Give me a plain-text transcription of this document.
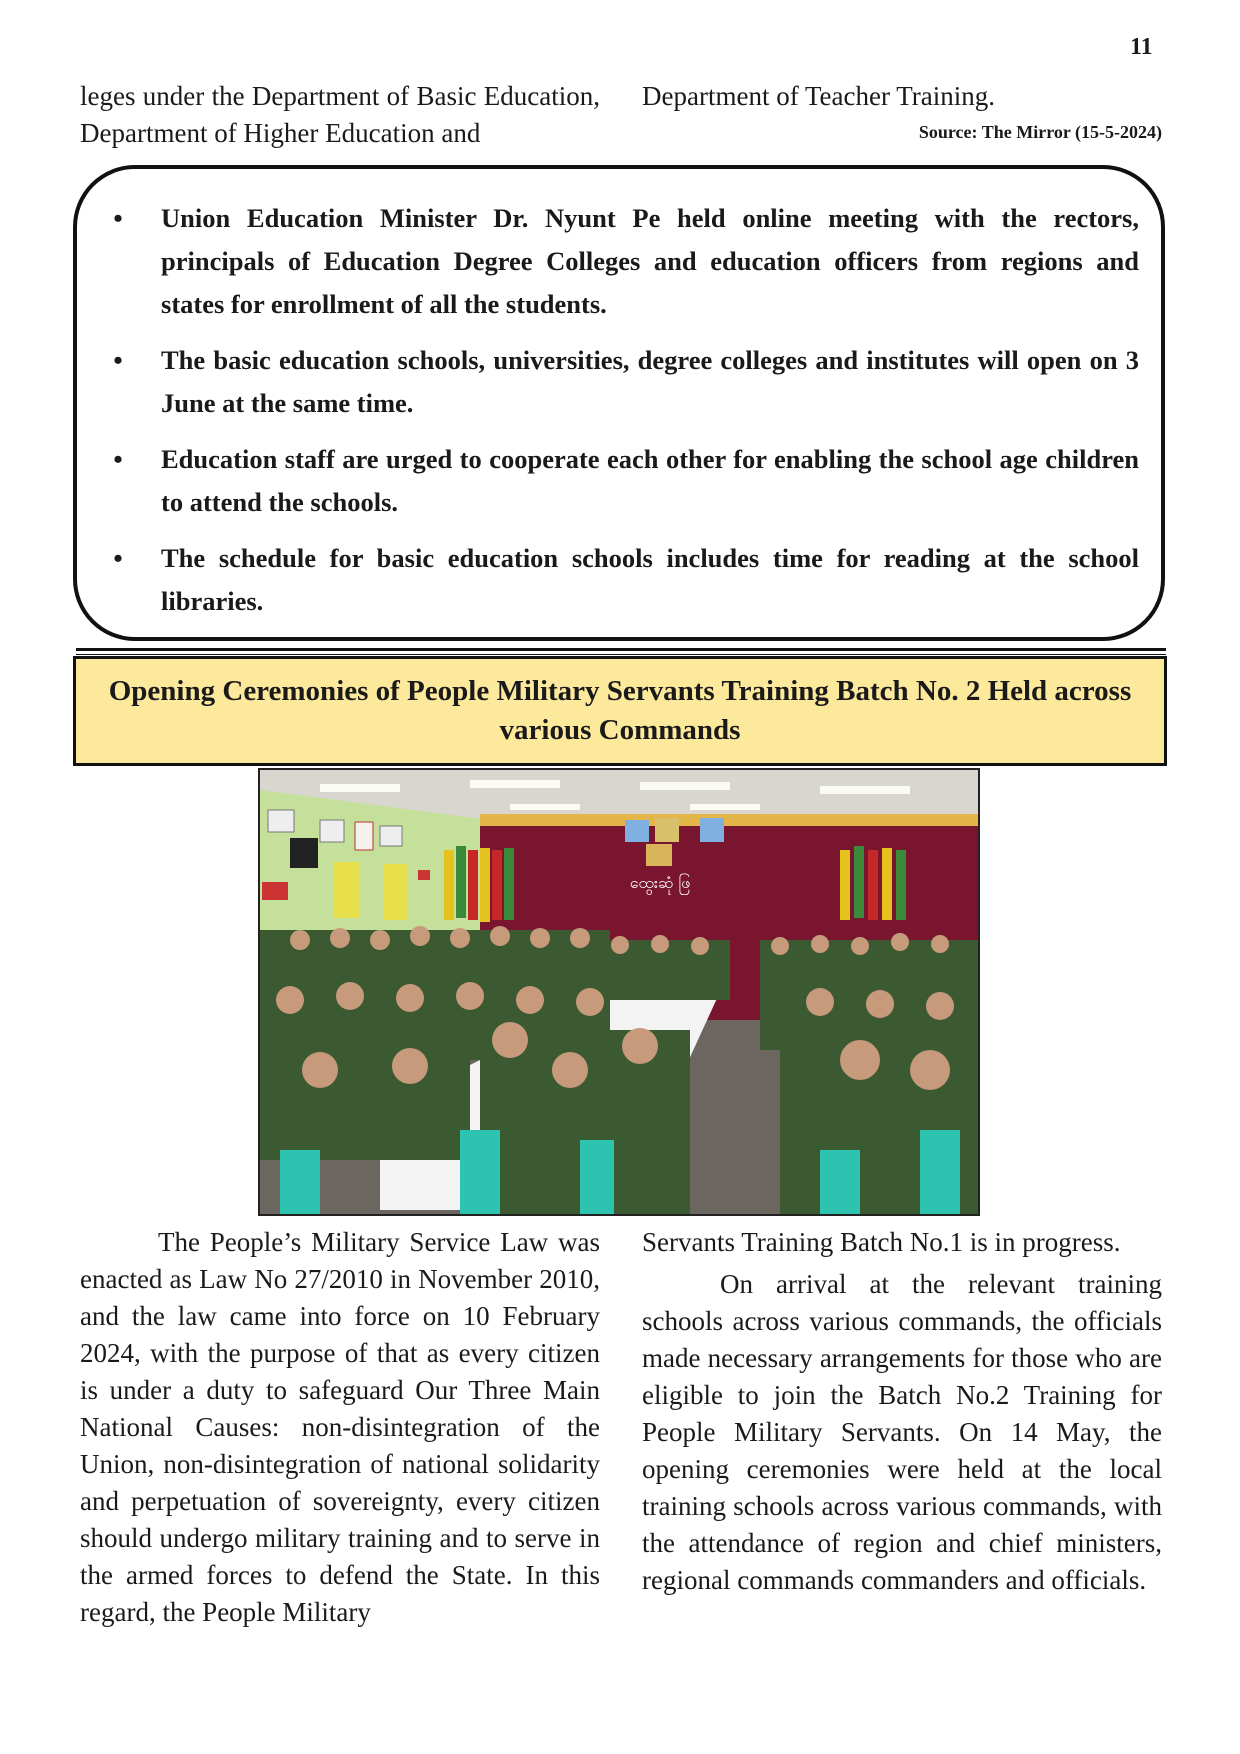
11

leges under the Department of Basic Education, Department of Higher Education and

Department of Teacher Training.

Source: The Mirror (15-5-2024)
•	Union Education Minister Dr. Nyunt Pe held online meeting with the rectors, principals of Education Degree Colleges and education officers from regions and states for enrollment of all the students.
•	The basic education schools, universities, degree colleges and institutes will open on 3 June at the same time.
•	Education staff are urged to cooperate each other for enabling the school age children to attend the schools.
•	The schedule for basic education schools includes time for reading at the school libraries.
Opening Ceremonies of People Military Servants Training Batch No. 2 Held across various Commands
ထွေးဆုံ ဖြ

The People’s Military Service Law was enacted as Law No 27/2010 in November 2010, and the law came into force on 10 February 2024, with the purpose of that as every citizen is under a duty to safeguard Our Three Main National Causes: non-disintegration of the Union, non-disintegration of national solidarity and perpetuation of sovereignty, every citizen should undergo military training and to serve in the armed forces to defend the State. In this regard, the People Military

Servants Training Batch No.1 is in progress.

On arrival at the relevant training schools across various commands, the officials made necessary arrangements for those who are eligible to join the Batch No.2 Training for People Military Servants. On 14 May, the opening ceremonies were held at the local training schools across various commands, with the attendance of region and chief ministers, regional commands commanders and officials.
